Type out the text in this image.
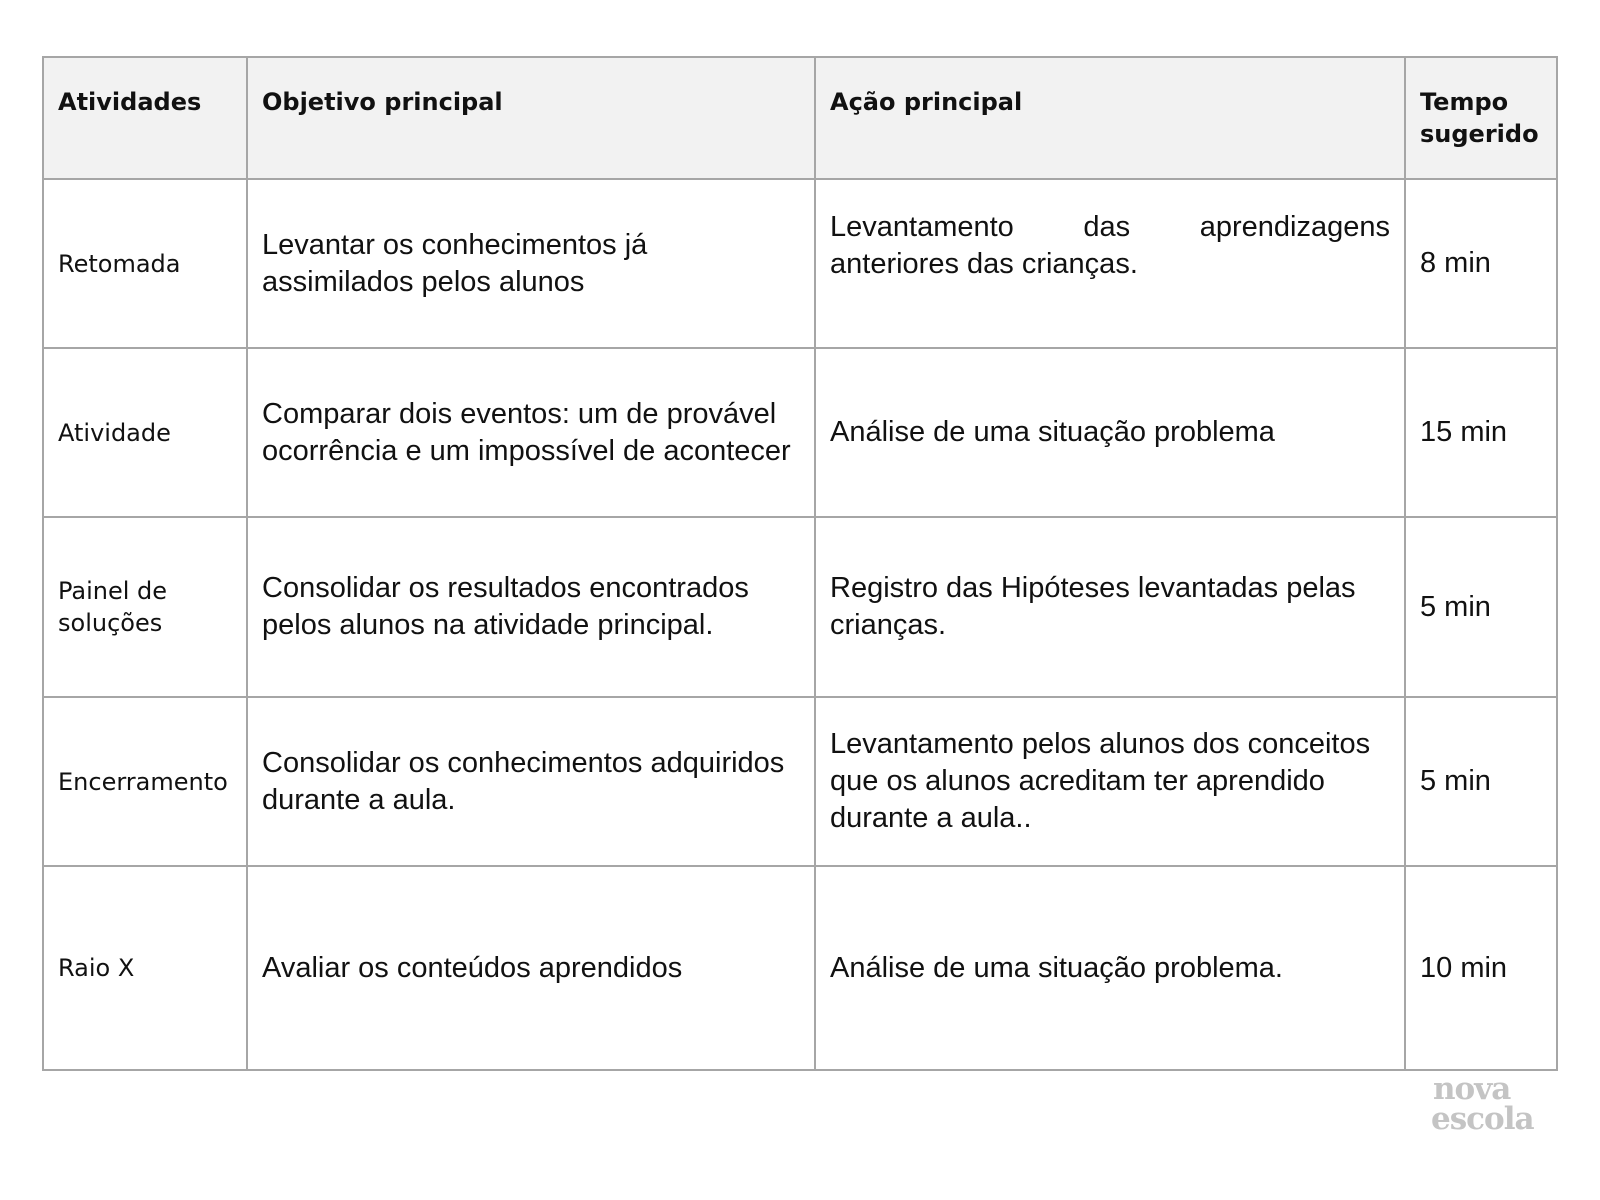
Atividades	Objetivo principal	Ação principal	Tempo sugerido
Retomada	Levantar os conhecimentos já assimilados pelos alunos	Levantamento das aprendizagens anteriores das crianças.	8 min
Atividade	Comparar dois eventos: um de provável ocorrência e um impossível de acontecer	Análise de uma situação problema	15 min
Painel de soluções	Consolidar os resultados encontrados pelos alunos na atividade principal.	Registro das Hipóteses levantadas pelas crianças.	5 min
Encerramento	Consolidar os conhecimentos adquiridos durante a aula.	Levantamento pelos alunos dos conceitos que os alunos acreditam ter aprendido durante a aula..	5 min
Raio X	Avaliar os conteúdos aprendidos	Análise de uma situação problema.	10 min
nova
escola
